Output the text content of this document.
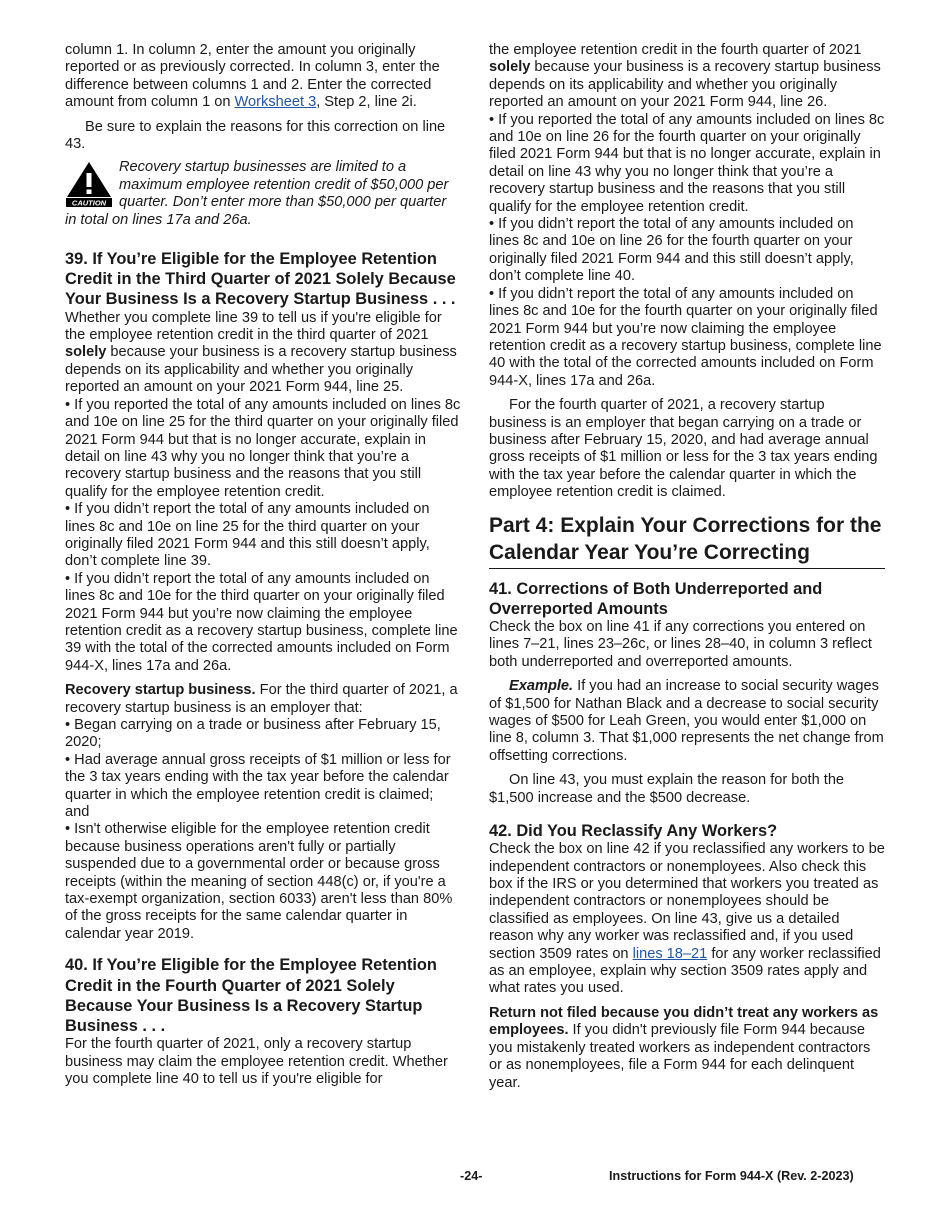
column 1. In column 2, enter the amount you originally reported or as previously corrected. In column 3, enter the difference between columns 1 and 2. Enter the corrected amount from column 1 on Worksheet 3, Step 2, line 2i.

Be sure to explain the reasons for this correction on line 43.

CAUTION
Recovery startup businesses are limited to a maximum employee retention credit of $50,000 per quarter. Don’t enter more than $50,000 per quarter in total on lines 17a and 26a.
39. If You’re Eligible for the Employee Retention Credit in the Third Quarter of 2021 Solely Because Your Business Is a Recovery Startup Business . . .

Whether you complete line 39 to tell us if you're eligible for the employee retention credit in the third quarter of 2021 solely because your business is a recovery startup business depends on its applicability and whether you originally reported an amount on your 2021 Form 944, line 25.

• If you reported the total of any amounts included on lines 8c and 10e on line 25 for the third quarter on your originally filed 2021 Form 944 but that is no longer accurate, explain in detail on line 43 why you no longer think that you’re a recovery startup business and the reasons that you still qualify for the employee retention credit.

• If you didn’t report the total of any amounts included on lines 8c and 10e on line 25 for the third quarter on your originally filed 2021 Form 944 and this still doesn’t apply, don’t complete line 39.

• If you didn’t report the total of any amounts included on lines 8c and 10e for the third quarter on your originally filed 2021 Form 944 but you’re now claiming the employee retention credit as a recovery startup business, complete line 39 with the total of the corrected amounts included on Form 944-X, lines 17a and 26a.

Recovery startup business. For the third quarter of 2021, a recovery startup business is an employer that:

• Began carrying on a trade or business after February 15, 2020;

• Had average annual gross receipts of $1 million or less for the 3 tax years ending with the tax year before the calendar quarter in which the employee retention credit is claimed; and

• Isn't otherwise eligible for the employee retention credit because business operations aren't fully or partially suspended due to a governmental order or because gross receipts (within the meaning of section 448(c) or, if you're a tax-exempt organization, section 6033) aren't less than 80% of the gross receipts for the same calendar quarter in calendar year 2019.

40. If You’re Eligible for the Employee Retention Credit in the Fourth Quarter of 2021 Solely Because Your Business Is a Recovery Startup Business . . .

For the fourth quarter of 2021, only a recovery startup business may claim the employee retention credit. Whether you complete line 40 to tell us if you're eligible for

the employee retention credit in the fourth quarter of 2021 solely because your business is a recovery startup business depends on its applicability and whether you originally reported an amount on your 2021 Form 944, line 26.

• If you reported the total of any amounts included on lines 8c and 10e on line 26 for the fourth quarter on your originally filed 2021 Form 944 but that is no longer accurate, explain in detail on line 43 why you no longer think that you’re a recovery startup business and the reasons that you still qualify for the employee retention credit.

• If you didn’t report the total of any amounts included on lines 8c and 10e on line 26 for the fourth quarter on your originally filed 2021 Form 944 and this still doesn’t apply, don’t complete line 40.

• If you didn’t report the total of any amounts included on lines 8c and 10e for the fourth quarter on your originally filed 2021 Form 944 but you’re now claiming the employee retention credit as a recovery startup business, complete line 40 with the total of the corrected amounts included on Form 944-X, lines 17a and 26a.

For the fourth quarter of 2021, a recovery startup business is an employer that began carrying on a trade or business after February 15, 2020, and had average annual gross receipts of $1 million or less for the 3 tax years ending with the tax year before the calendar quarter in which the employee retention credit is claimed.

Part 4: Explain Your Corrections for the Calendar Year You’re Correcting
41. Corrections of Both Underreported and Overreported Amounts

Check the box on line 41 if any corrections you entered on lines 7–21, lines 23–26c, or lines 28–40, in column 3 reflect both underreported and overreported amounts.

Example. If you had an increase to social security wages of $1,500 for Nathan Black and a decrease to social security wages of $500 for Leah Green, you would enter $1,000 on line 8, column 3. That $1,000 represents the net change from offsetting corrections.

On line 43, you must explain the reason for both the $1,500 increase and the $500 decrease.

42. Did You Reclassify Any Workers?

Check the box on line 42 if you reclassified any workers to be independent contractors or nonemployees. Also check this box if the IRS or you determined that workers you treated as independent contractors or nonemployees should be classified as employees. On line 43, give us a detailed reason why any worker was reclassified and, if you used section 3509 rates on lines 18–21 for any worker reclassified as an employee, explain why section 3509 rates apply and what rates you used.

Return not filed because you didn’t treat any workers as employees. If you didn't previously file Form 944 because you mistakenly treated workers as independent contractors or as nonemployees, file a Form 944 for each delinquent year.

-24-	Instructions for Form 944-X (Rev. 2-2023)
